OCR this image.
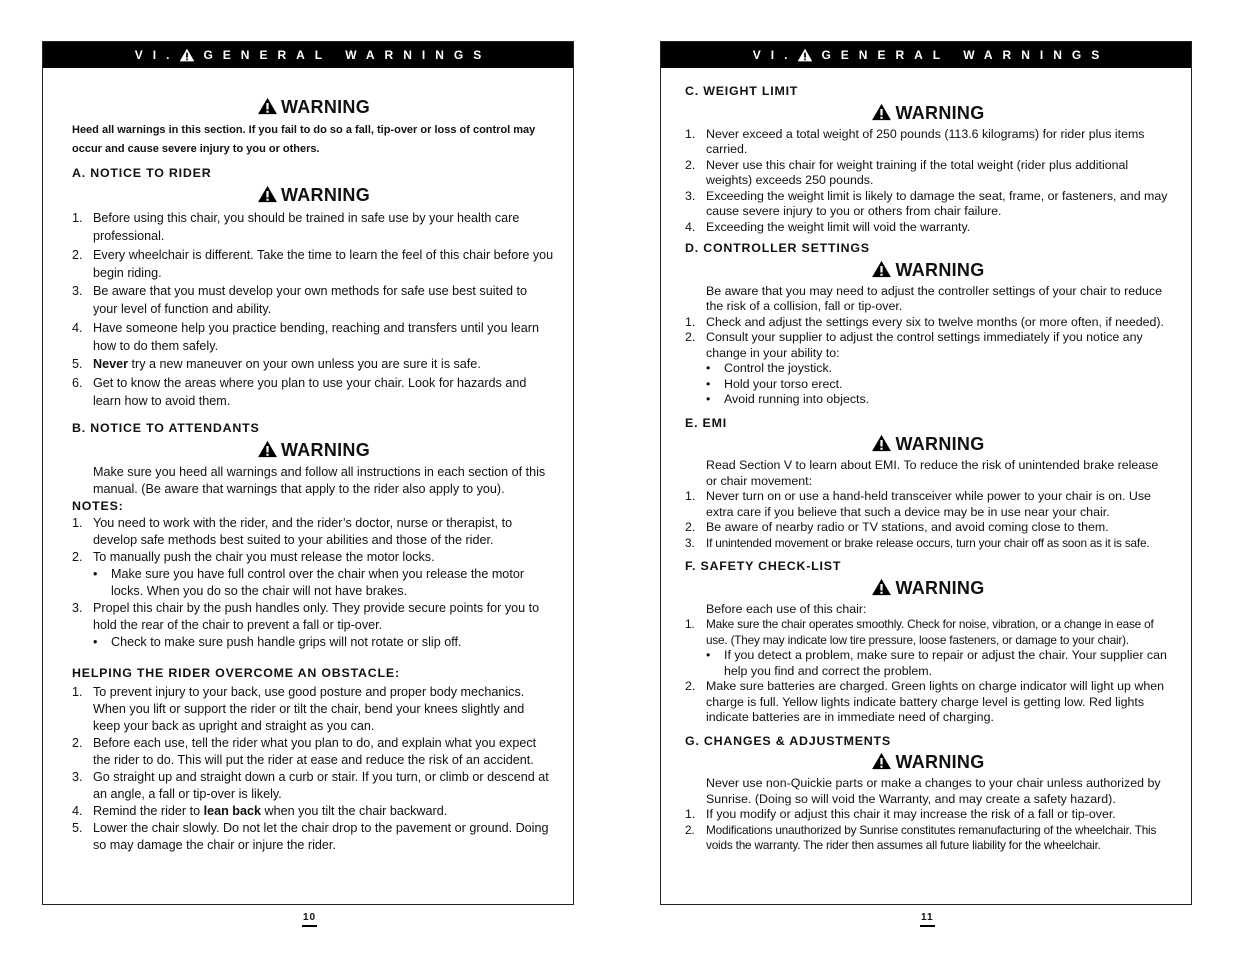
VI. GENERAL WARNINGS
WARNING
Heed all warnings in this section. If you fail to do so a fall, tip-over or loss of control may occur and cause severe injury to you or others.
A. NOTICE TO RIDER
WARNING
1. Before using this chair, you should be trained in safe use by your health care professional.
2. Every wheelchair is different. Take the time to learn the feel of this chair before you begin riding.
3. Be aware that you must develop your own methods for safe use best suited to your level of function and ability.
4. Have someone help you practice bending, reaching and transfers until you learn how to do them safely.
5. Never try a new maneuver on your own unless you are sure it is safe.
6. Get to know the areas where you plan to use your chair. Look for hazards and learn how to avoid them.
B. NOTICE TO ATTENDANTS
WARNING
Make sure you heed all warnings and follow all instructions in each section of this manual. (Be aware that warnings that apply to the rider also apply to you).
NOTES:
1. You need to work with the rider, and the rider’s doctor, nurse or therapist, to develop safe methods best suited to your abilities and those of the rider.
2. To manually push the chair you must release the motor locks.
• Make sure you have full control over the chair when you release the motor locks. When you do so the chair will not have brakes.
3. Propel this chair by the push handles only. They provide secure points for you to hold the rear of the chair to prevent a fall or tip-over.
• Check to make sure push handle grips will not rotate or slip off.
HELPING THE RIDER OVERCOME AN OBSTACLE:
1. To prevent injury to your back, use good posture and proper body mechanics. When you lift or support the rider or tilt the chair, bend your knees slightly and keep your back as upright and straight as you can.
2. Before each use, tell the rider what you plan to do, and explain what you expect the rider to do. This will put the rider at ease and reduce the risk of an accident.
3. Go straight up and straight down a curb or stair. If you turn, or climb or descend at an angle, a fall or tip-over is likely.
4. Remind the rider to lean back when you tilt the chair backward.
5. Lower the chair slowly. Do not let the chair drop to the pavement or ground. Doing so may damage the chair or injure the rider.
10
VI. GENERAL WARNINGS
C. WEIGHT LIMIT
WARNING
1. Never exceed a total weight of 250 pounds (113.6 kilograms) for rider plus items carried.
2. Never use this chair for weight training if the total weight (rider plus additional weights) exceeds 250 pounds.
3. Exceeding the weight limit is likely to damage the seat, frame, or fasteners, and may cause severe injury to you or others from chair failure.
4. Exceeding the weight limit will void the warranty.
D. CONTROLLER SETTINGS
WARNING
Be aware that you may need to adjust the controller settings of your chair to reduce the risk of a collision, fall or tip-over.
1. Check and adjust the settings every six to twelve months (or more often, if needed).
2. Consult your supplier to adjust the control settings immediately if you notice any change in your ability to:
• Control the joystick.
• Hold your torso erect.
• Avoid running into objects.
E. EMI
WARNING
Read Section V to learn about EMI. To reduce the risk of unintended brake release or chair movement:
1. Never turn on or use a hand-held transceiver while power to your chair is on. Use extra care if you believe that such a device may be in use near your chair.
2. Be aware of nearby radio or TV stations, and avoid coming close to them.
3. If unintended movement or brake release occurs, turn your chair off as soon as it is safe.
F. SAFETY CHECK-LIST
WARNING
Before each use of this chair:
1. Make sure the chair operates smoothly. Check for noise, vibration, or a change in ease of use. (They may indicate low tire pressure, loose fasteners, or damage to your chair).
• If you detect a problem, make sure to repair or adjust the chair. Your supplier can help you find and correct the problem.
2. Make sure batteries are charged. Green lights on charge indicator will light up when charge is full. Yellow lights indicate battery charge level is getting low. Red lights indicate batteries are in immediate need of charging.
G. CHANGES & ADJUSTMENTS
WARNING
Never use non-Quickie parts or make a changes to your chair unless authorized by Sunrise. (Doing so will void the Warranty, and may create a safety hazard).
1. If you modify or adjust this chair it may increase the risk of a fall or tip-over.
2. Modifications unauthorized by Sunrise constitutes remanufacturing of the wheelchair. This voids the warranty. The rider then assumes all future liability for the wheelchair.
11
